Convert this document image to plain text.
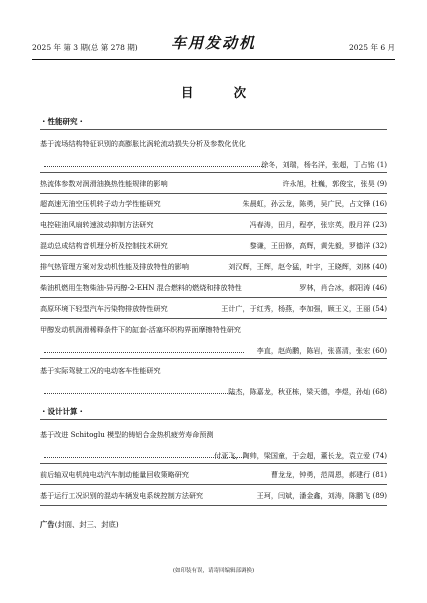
2025 年 第 3 期(总 第 278 期) 车用发动机	2025 年 6 月
目 次
・性能研究・
基于流场结构特征识别的高膨胀比涡轮流动损失分析及参数化优化
徐冬，刘瑞，杨名洋，张超，丁占铭 (1)
热流体参数对润滑油换热性能规律的影响	许永旭，杜巍，郭俊宝，张昊 (9)
超高速无油空压机转子动力学性能研究	朱晨虹，孙云龙，陈勇，吴广民，占文锋 (16)
电控硅油风扇转速波动抑制方法研究	冯春涛，田月，程亭，张宗英，殷月祥 (23)
混动总成结构音机理分析及控制技术研究	黎谦，王田修，高辉，黄先毅，罗德洋 (32)
排气热管理方案对发动机性能及排放特性的影响	刘汉辉，王辉，赵令猛，叶宇，王晓辉，刘林 (40)
柴油机燃用生物柴油-异丙醇-2-EHN 混合燃料的燃烧和排放特性	罗林，肖合冰，郝阳涛 (46)
高原环境下轻型汽车污染物排放特性研究	王计广，于红秀，杨燕，李加强，顾王义，王丽 (54)
甲醇发动机润滑稀释条件下的缸套-活塞环织构界面摩擦特性研究
李直，赵尚鹏，陈岩，张喜清，张宏 (60)
基于实际驾驶工况的电动客车性能研究
陆杰，陈嘉龙，秋亚栋，梁天德，李煜，孙灿 (68)
・设计计算・
基于改进 Schitoglu 模型的铸铝合金热机疲劳寿命预测
付亚飞，陶帅，梁国童，于会超，董长龙，袁立爱 (74)
前后轴双电机纯电动汽车制动能量回收策略研究	曹龙龙，钟勇，范周恩，郝建行 (81)
基于运行工况识别的混动车辆发电系统控制方法研究	王珂，闫斌，潘金鑫，刘涛，陈鹏飞 (89)
广告(封面、封三、封底)
(如印装有误，请寄回编辑部调换)
